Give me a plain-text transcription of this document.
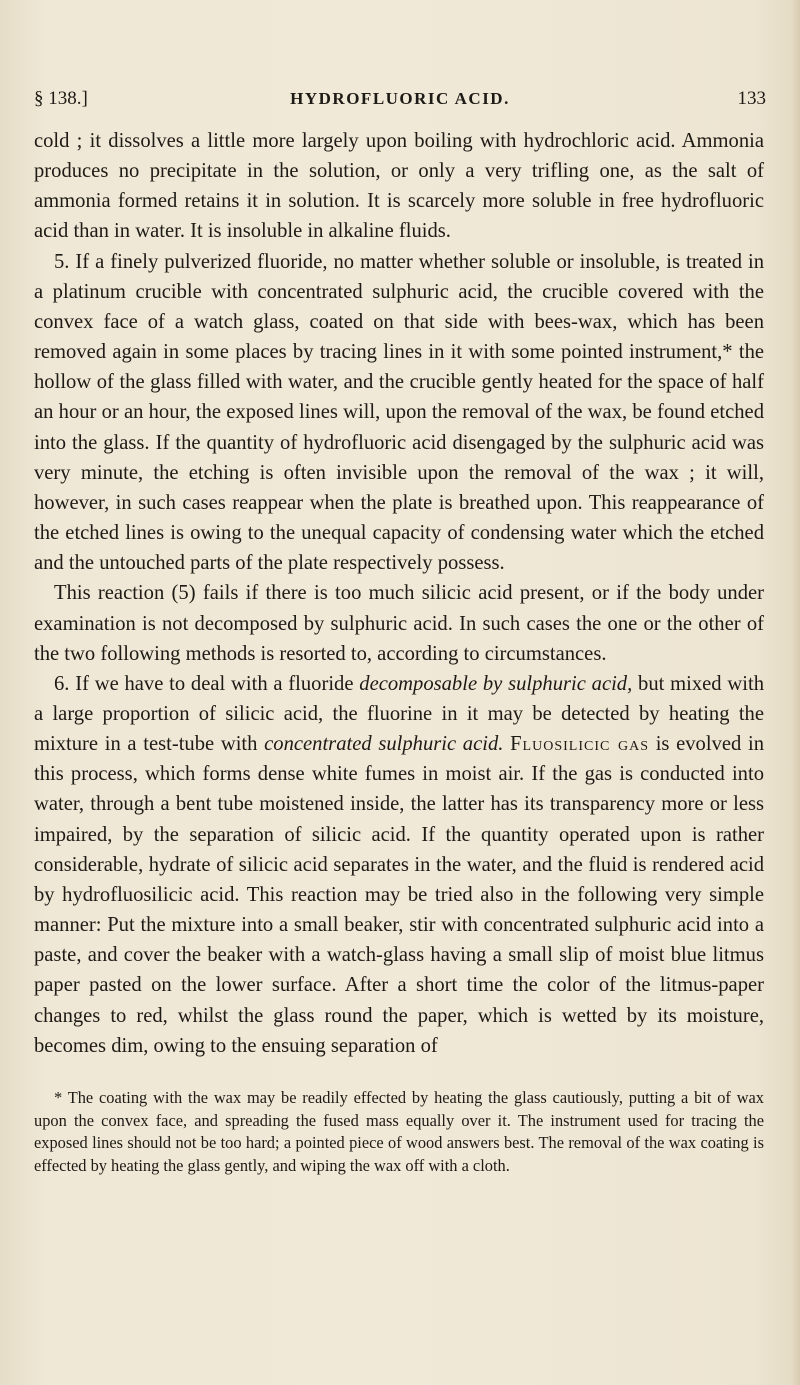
§ 138.]	HYDROFLUORIC ACID.	133

cold ; it dissolves a little more largely upon boiling with hydrochloric acid. Ammonia produces no precipitate in the solution, or only a very trifling one, as the salt of ammonia formed retains it in solution. It is scarcely more soluble in free hydrofluoric acid than in water. It is insoluble in alkaline fluids.

5. If a finely pulverized fluoride, no matter whether soluble or insoluble, is treated in a platinum crucible with concentrated sulphuric acid, the crucible covered with the convex face of a watch glass, coated on that side with bees-wax, which has been removed again in some places by tracing lines in it with some pointed instrument,* the hollow of the glass filled with water, and the crucible gently heated for the space of half an hour or an hour, the exposed lines will, upon the removal of the wax, be found etched into the glass. If the quantity of hydrofluoric acid disengaged by the sulphuric acid was very minute, the etching is often invisible upon the removal of the wax ; it will, however, in such cases reappear when the plate is breathed upon. This reappearance of the etched lines is owing to the unequal capacity of condensing water which the etched and the untouched parts of the plate respectively possess.

This reaction (5) fails if there is too much silicic acid present, or if the body under examination is not decomposed by sulphuric acid. In such cases the one or the other of the two following methods is resorted to, according to circumstances.

6. If we have to deal with a fluoride decomposable by sulphuric acid, but mixed with a large proportion of silicic acid, the fluorine in it may be detected by heating the mixture in a test-tube with concentrated sulphuric acid. Fluosilicic gas is evolved in this process, which forms dense white fumes in moist air. If the gas is conducted into water, through a bent tube moistened inside, the latter has its transparency more or less impaired, by the separation of silicic acid. If the quantity operated upon is rather considerable, hydrate of silicic acid separates in the water, and the fluid is rendered acid by hydrofluosilicic acid. This reaction may be tried also in the following very simple manner: Put the mixture into a small beaker, stir with concentrated sulphuric acid into a paste, and cover the beaker with a watch-glass having a small slip of moist blue litmus paper pasted on the lower surface. After a short time the color of the litmus-paper changes to red, whilst the glass round the paper, which is wetted by its moisture, becomes dim, owing to the ensuing separation of

* The coating with the wax may be readily effected by heating the glass cautiously, putting a bit of wax upon the convex face, and spreading the fused mass equally over it. The instrument used for tracing the exposed lines should not be too hard; a pointed piece of wood answers best. The removal of the wax coating is effected by heating the glass gently, and wiping the wax off with a cloth.
